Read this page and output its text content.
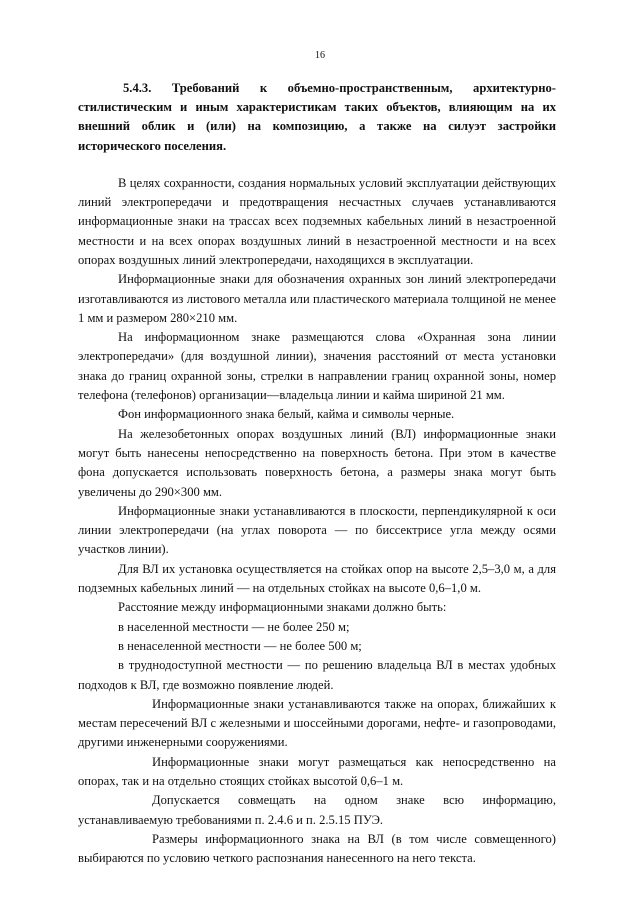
16

5.4.3. Требований к объемно-пространственным, архитектурно-стилистическим и иным характеристикам таких объектов, влияющим на их внешний облик и (или) на композицию, а также на силуэт застройки исторического поселения.

В целях сохранности, создания нормальных условий эксплуатации действующих линий электропередачи и предотвращения несчастных случаев устанавливаются информационные знаки на трассах всех подземных кабельных линий в незастроенной местности и на всех опорах воздушных линий в незастроенной местности и на всех опорах воздушных линий электропередачи, находящихся в эксплуатации.

Информационные знаки для обозначения охранных зон линий электропередачи изготавливаются из листового металла или пластического материала толщиной не менее 1 мм и размером 280×210 мм.

На информационном знаке размещаются слова «Охранная зона линии электропередачи» (для воздушной линии), значения расстояний от места установки знака до границ охранной зоны, стрелки в направлении границ охранной зоны, номер телефона (телефонов) организации—владельца линии и кайма шириной 21 мм.

Фон информационного знака белый, кайма и символы черные.

На железобетонных опорах воздушных линий (ВЛ) информационные знаки могут быть нанесены непосредственно на поверхность бетона. При этом в качестве фона допускается использовать поверхность бетона, а размеры знака могут быть увеличены до 290×300 мм.

Информационные знаки устанавливаются в плоскости, перпендикулярной к оси линии электропередачи (на углах поворота — по биссектрисе угла между осями участков линии).

Для ВЛ их установка осуществляется на стойках опор на высоте 2,5–3,0 м, а для подземных кабельных линий — на отдельных стойках на высоте 0,6–1,0 м.

Расстояние между информационными знаками должно быть:

в населенной местности — не более 250 м;

в ненаселенной местности — не более 500 м;

в труднодоступной местности — по решению владельца ВЛ в местах удобных подходов к ВЛ, где возможно появление людей.

Информационные знаки устанавливаются также на опорах, ближайших к местам пересечений ВЛ с железными и шоссейными дорогами, нефте- и газопроводами, другими инженерными сооружениями.

Информационные знаки могут размещаться как непосредственно на опорах, так и на отдельно стоящих стойках высотой 0,6–1 м.

Допускается совмещать на одном знаке всю информацию, устанавливаемую требованиями п. 2.4.6 и п. 2.5.15 ПУЭ.

Размеры информационного знака на ВЛ (в том числе совмещенного) выбираются по условию четкого распознания нанесенного на него текста.
